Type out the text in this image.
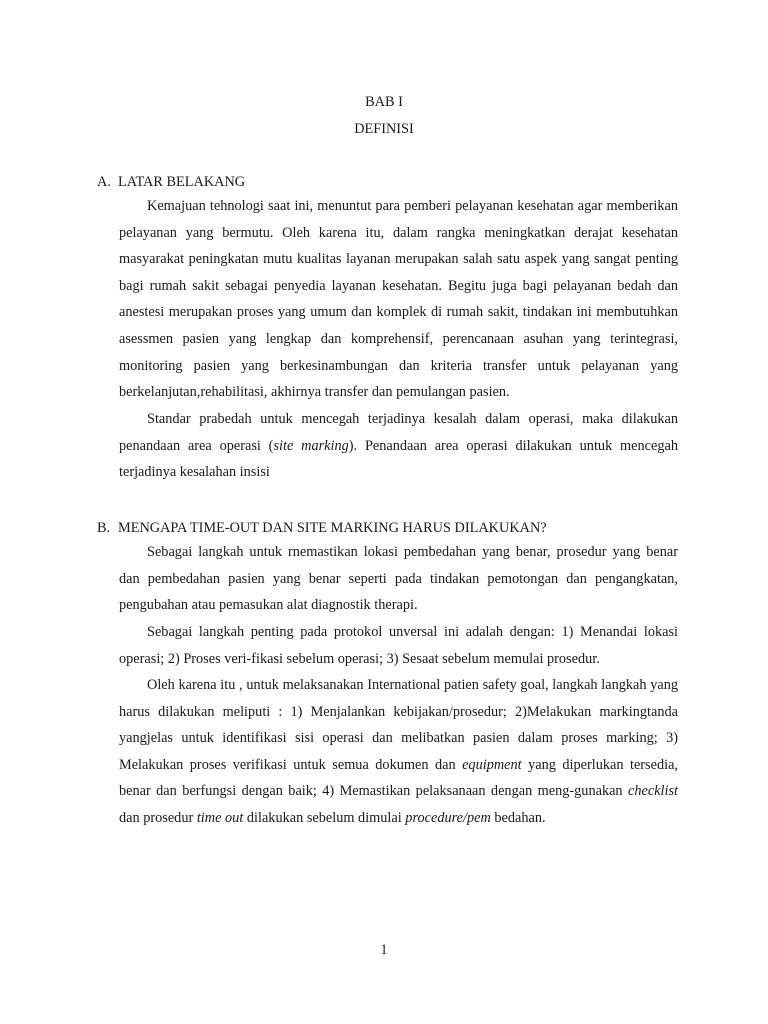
BAB I
DEFINISI
A. LATAR BELAKANG

Kemajuan tehnologi saat ini, menuntut para pemberi pelayanan kesehatan agar memberikan pelayanan yang bermutu. Oleh karena itu, dalam rangka meningkatkan derajat kesehatan masyarakat peningkatan mutu kualitas layanan merupakan salah satu aspek yang sangat penting bagi rumah sakit sebagai penyedia layanan kesehatan. Begitu juga bagi pelayanan bedah dan anestesi merupakan proses yang umum dan komplek di rumah sakit, tindakan ini membutuhkan asessmen pasien yang lengkap dan komprehensif, perencanaan asuhan yang terintegrasi, monitoring pasien yang berkesinambungan dan kriteria transfer untuk pelayanan yang berkelanjutan,rehabilitasi, akhirnya transfer dan pemulangan pasien.

Standar prabedah untuk mencegah terjadinya kesalah dalam operasi, maka dilakukan penandaan area operasi (site marking). Penandaan area operasi dilakukan untuk mencegah terjadinya kesalahan insisi

B. MENGAPA TIME-OUT DAN SITE MARKING HARUS DILAKUKAN?

Sebagai langkah untuk rnemastikan lokasi pembedahan yang benar, prosedur yang benar dan pembedahan pasien yang benar seperti pada tindakan pemotongan dan pengangkatan, pengubahan atau pemasukan alat diagnostik therapi.

Sebagai langkah penting pada protokol unversal ini adalah dengan: 1) Menandai lokasi operasi; 2) Proses veri-fikasi sebelum operasi; 3) Sesaat sebelum memulai prosedur.

Oleh karena itu , untuk melaksanakan International patien safety goal, langkah langkah yang harus dilakukan meliputi : 1) Menjalankan kebijakan/prosedur; 2)Melakukan markingtanda yangjelas untuk identifikasi sisi operasi dan melibatkan pasien dalam proses marking; 3) Melakukan proses verifikasi untuk semua dokumen dan equipment yang diperlukan tersedia, benar dan berfungsi dengan baik; 4) Memastikan pelaksanaan dengan meng-gunakan checklist dan prosedur time out dilakukan sebelum dimulai procedure/pem bedahan.

1
